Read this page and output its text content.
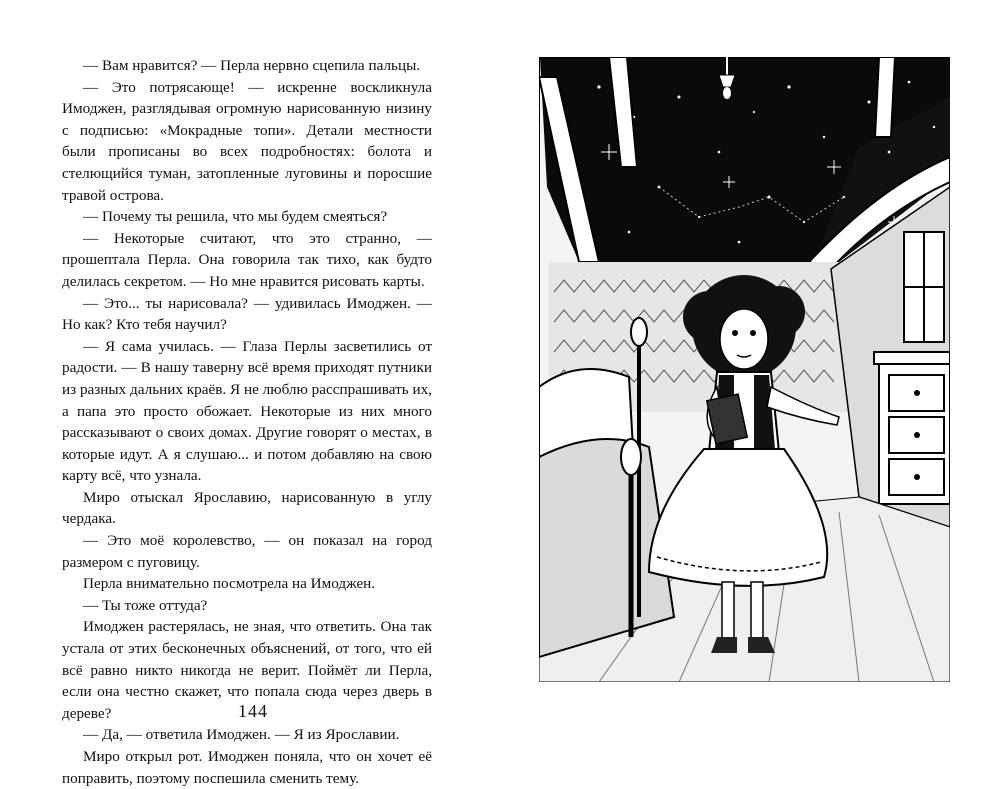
— Вам нравится? — Перла нервно сцепила пальцы.

— Это потрясающе! — искренне воскликнула Имоджен, разглядывая огромную нарисованную низину с подписью: «Мокрадные топи». Детали местности были прописаны во всех подробностях: болота и стелющийся туман, затопленные луговины и поросшие травой острова.

— Почему ты решила, что мы будем смеяться?

— Некоторые считают, что это странно, — прошептала Перла. Она говорила так тихо, как будто делилась секретом. — Но мне нравится рисовать карты.

— Это... ты нарисовала? — удивилась Имоджен. — Но как? Кто тебя научил?

— Я сама училась. — Глаза Перлы засветились от радости. — В нашу таверну всё время приходят путники из разных дальних краёв. Я не люблю расспрашивать их, а папа это просто обожает. Некоторые из них много рассказывают о своих домах. Другие говорят о местах, в которые идут. А я слушаю... и потом добавляю на свою карту всё, что узнала.

Миро отыскал Ярославию, нарисованную в углу чердака.

— Это моё королевство, — он показал на город размером с пуговицу.

Перла внимательно посмотрела на Имоджен.

— Ты тоже оттуда?

Имоджен растерялась, не зная, что ответить. Она так устала от этих бесконечных объяснений, от того, что ей всё равно никто никогда не верит. Поймёт ли Перла, если она честно скажет, что попала сюда через дверь в дереве?

— Да, — ответила Имоджен. — Я из Ярославии.

Миро открыл рот. Имоджен поняла, что он хочет её поправить, поэтому поспешила сменить тему.

144
